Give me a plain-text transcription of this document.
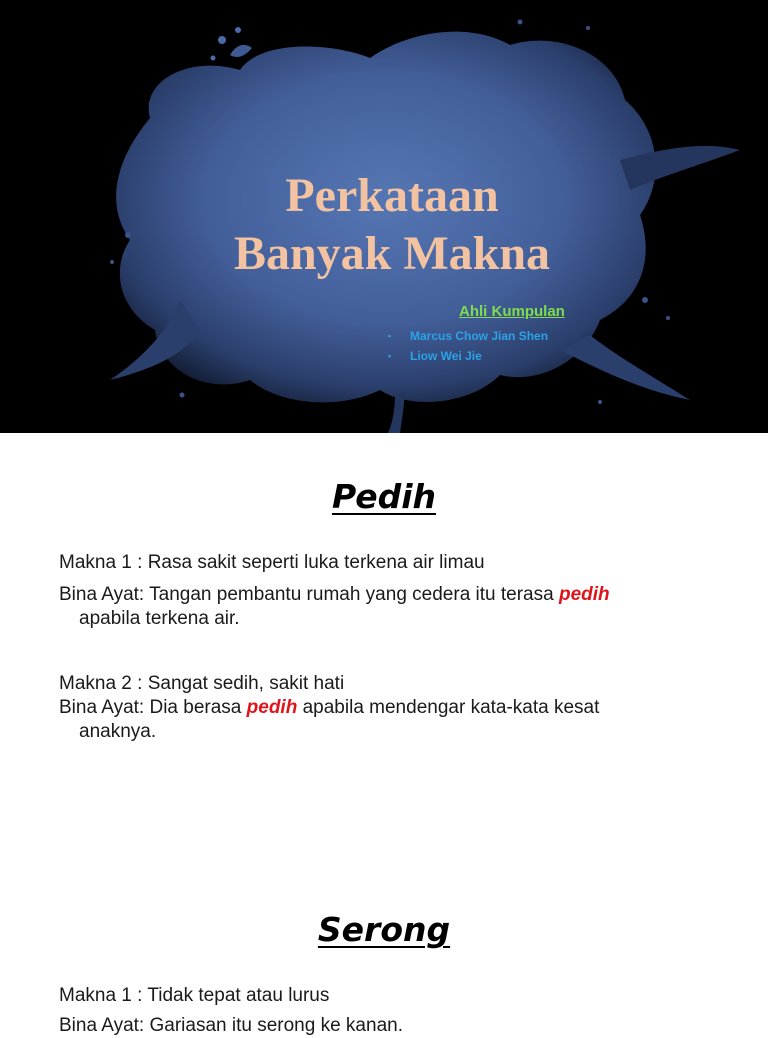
Perkataan
Banyak Makna
Ahli Kumpulan
• Marcus Chow Jian Shen
• Liow Wei Jie
Pedih

Makna 1 : Rasa sakit seperti luka terkena air limau

Bina Ayat: Tangan pembantu rumah yang cedera itu terasa pedih

apabila terkena air.

Makna 2 : Sangat sedih, sakit hati

Bina Ayat: Dia berasa pedih apabila mendengar kata-kata kesat

anaknya.

Serong

Makna 1 : Tidak tepat atau lurus

Bina Ayat: Gariasan itu serong ke kanan.
